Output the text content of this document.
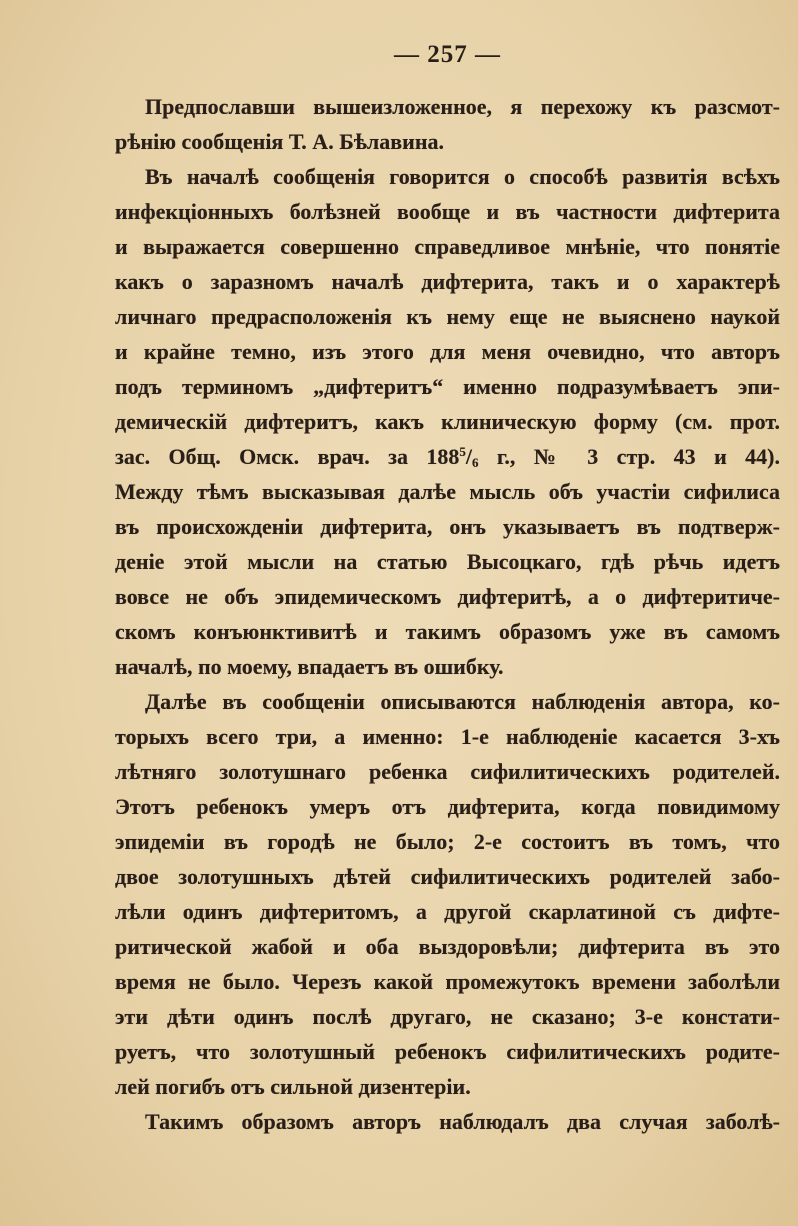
— 257 —
Предпославши вышеизложенное, я перехожу къ разсмот-
рѣнію сообщенія Т. А. Бѣлавина.
Въ началѣ сообщенія говорится о способѣ развитія всѣхъ
инфекціонныхъ болѣзней вообще и въ частности дифтерита
и выражается совершенно справедливое мнѣніе, что понятіе
какъ о заразномъ началѣ дифтерита, такъ и о характерѣ
личнаго предрасположенія къ нему еще не выяснено наукой
и крайне темно, изъ этого для меня очевидно, что авторъ
подъ терминомъ „дифтеритъ“ именно подразумѣваетъ эпи-
демическій дифтеритъ, какъ клиническую форму (см. прот.
зас. Общ. Омск. врач. за $188^5/_6$ г., № 3 стр. 43 и 44).
Между тѣмъ высказывая далѣе мысль объ участіи сифилиса
въ происхожденіи дифтерита, онъ указываетъ въ подтверж-
деніе этой мысли на статью Высоцкаго, гдѣ рѣчь идетъ
вовсе не объ эпидемическомъ дифтеритѣ, а о дифтеритиче-
скомъ конъюнктивитѣ и такимъ образомъ уже въ самомъ
началѣ, по моему, впадаетъ въ ошибку.
Далѣе въ сообщеніи описываются наблюденія автора, ко-
торыхъ всего три, а именно: 1-е наблюденіе касается 3-хъ
лѣтняго золотушнаго ребенка сифилитическихъ родителей.
Этотъ ребенокъ умеръ отъ дифтерита, когда повидимому
эпидеміи въ городѣ не было; 2-е состоитъ въ томъ, что
двое золотушныхъ дѣтей сифилитическихъ родителей забо-
лѣли одинъ дифтеритомъ, а другой скарлатиной съ дифте-
ритической жабой и оба выздоровѣли; дифтерита въ это
время не было. Черезъ какой промежутокъ времени заболѣли
эти дѣти одинъ послѣ другаго, не сказано; 3-е констати-
руетъ, что золотушный ребенокъ сифилитическихъ родите-
лей погибъ отъ сильной дизентеріи.
Такимъ образомъ авторъ наблюдалъ два случая заболѣ-
